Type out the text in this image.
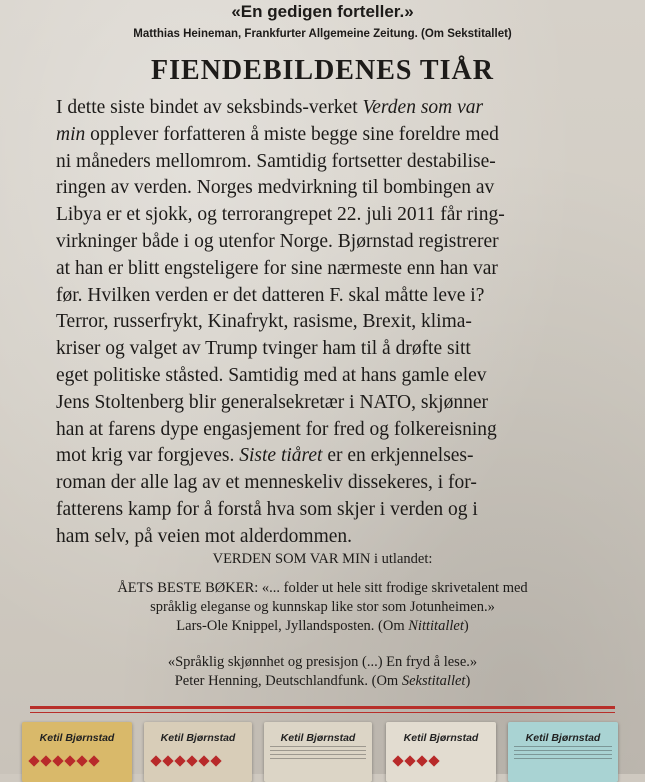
«En gedigen forteller.»
Matthias Heineman, Frankfurter Allgemeine Zeitung. (Om Sekstitallet)
FIENDEBILDENES TIÅR
I dette siste bindet av seksbinds-verket Verden som var
min opplever forfatteren å miste begge sine foreldre med
ni måneders mellomrom. Samtidig fortsetter destabilise-
ringen av verden. Norges medvirkning til bombingen av
Libya er et sjokk, og terrorangrepet 22. juli 2011 får ring-
virkninger både i og utenfor Norge. Bjørnstad registrerer
at han er blitt engsteligere for sine nærmeste enn han var
før. Hvilken verden er det datteren F. skal måtte leve i?
Terror, russerfrykt, Kinafrykt, rasisme, Brexit, klima-
kriser og valget av Trump tvinger ham til å drøfte sitt
eget politiske ståsted. Samtidig med at hans gamle elev
Jens Stoltenberg blir generalsekretær i NATO, skjønner
han at farens dype engasjement for fred og folkereisning
mot krig var forgjeves. Siste tiåret er en erkjennelses-
roman der alle lag av et menneskeliv dissekeres, i for-
fatterens kamp for å forstå hva som skjer i verden og i
ham selv, på veien mot alderdommen.
VERDEN SOM VAR MIN i utlandet:
ÅETS BESTE BØKER: «... folder ut hele sitt frodige skrivetalent med
språklig eleganse og kunnskap like stor som Jotunheimen.»
Lars-Ole Knippel, Jyllandsposten. (Om Nittitallet)
«Språklig skjønnhet og presisjon (...) En fryd å lese.»
Peter Henning, Deutschlandfunk. (Om Sekstitallet)
Ketil Bjørnstad	Ketil Bjørnstad	Ketil Bjørnstad	Ketil Bjørnstad	Ketil Bjørnstad
